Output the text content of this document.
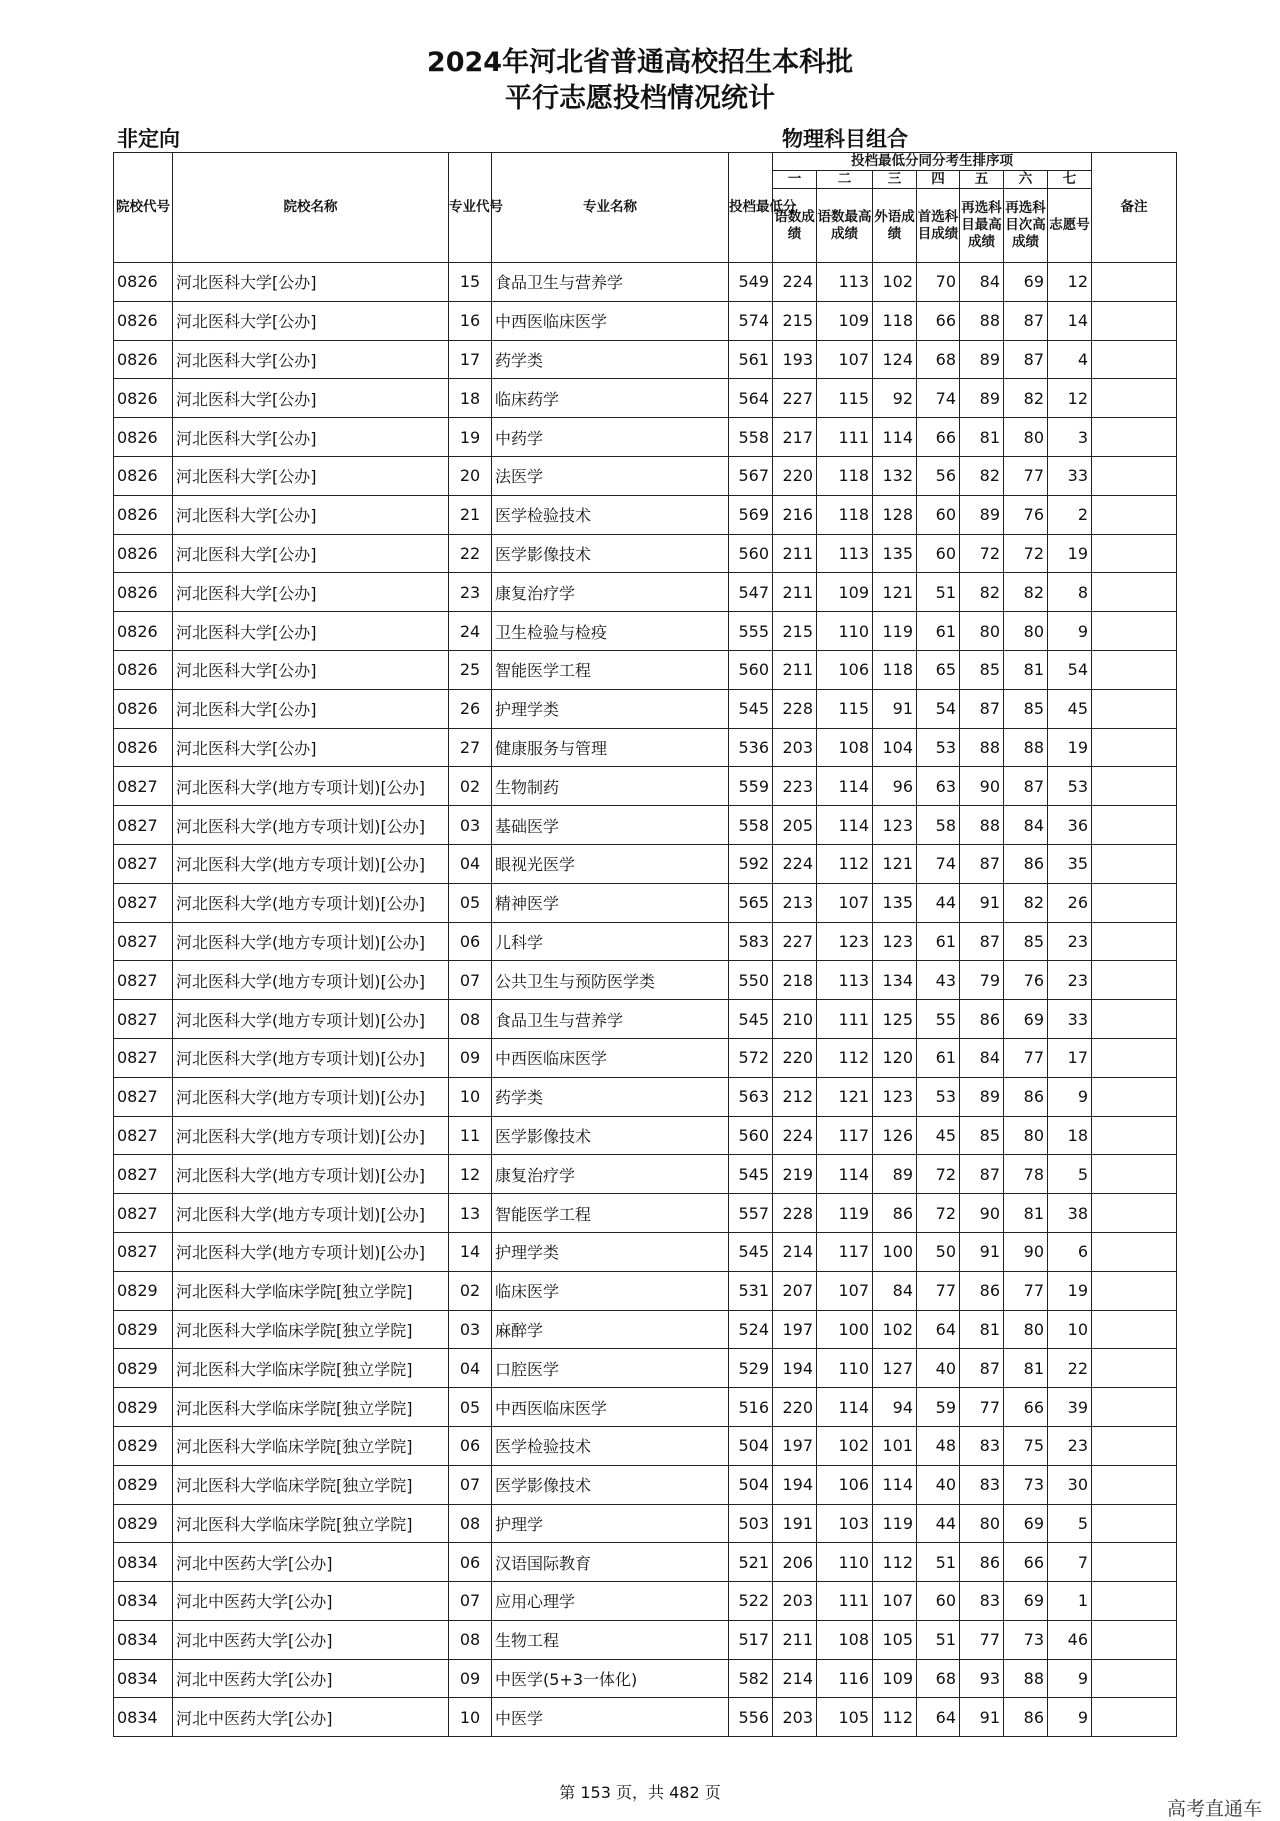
2024年河北省普通高校招生本科批
平行志愿投档情况统计
非定向	物理科目组合
院校代号	院校名称	专业代号	专业名称	投档最低分	投档最低分同分考生排序项							备注
					一	二	三	四	五	六	七	
					语数成绩	语数最高成绩	外语成绩	首选科目成绩	再选科目最高成绩	再选科目次高成绩	志愿号	
0826	河北医科大学[公办]	15	食品卫生与营养学	549	224	113	102	70	84	69	12	
0826	河北医科大学[公办]	16	中西医临床医学	574	215	109	118	66	88	87	14	
0826	河北医科大学[公办]	17	药学类	561	193	107	124	68	89	87	4	
0826	河北医科大学[公办]	18	临床药学	564	227	115	92	74	89	82	12	
0826	河北医科大学[公办]	19	中药学	558	217	111	114	66	81	80	3	
0826	河北医科大学[公办]	20	法医学	567	220	118	132	56	82	77	33	
0826	河北医科大学[公办]	21	医学检验技术	569	216	118	128	60	89	76	2	
0826	河北医科大学[公办]	22	医学影像技术	560	211	113	135	60	72	72	19	
0826	河北医科大学[公办]	23	康复治疗学	547	211	109	121	51	82	82	8	
0826	河北医科大学[公办]	24	卫生检验与检疫	555	215	110	119	61	80	80	9	
0826	河北医科大学[公办]	25	智能医学工程	560	211	106	118	65	85	81	54	
0826	河北医科大学[公办]	26	护理学类	545	228	115	91	54	87	85	45	
0826	河北医科大学[公办]	27	健康服务与管理	536	203	108	104	53	88	88	19	
0827	河北医科大学(地方专项计划)[公办]	02	生物制药	559	223	114	96	63	90	87	53	
0827	河北医科大学(地方专项计划)[公办]	03	基础医学	558	205	114	123	58	88	84	36	
0827	河北医科大学(地方专项计划)[公办]	04	眼视光医学	592	224	112	121	74	87	86	35	
0827	河北医科大学(地方专项计划)[公办]	05	精神医学	565	213	107	135	44	91	82	26	
0827	河北医科大学(地方专项计划)[公办]	06	儿科学	583	227	123	123	61	87	85	23	
0827	河北医科大学(地方专项计划)[公办]	07	公共卫生与预防医学类	550	218	113	134	43	79	76	23	
0827	河北医科大学(地方专项计划)[公办]	08	食品卫生与营养学	545	210	111	125	55	86	69	33	
0827	河北医科大学(地方专项计划)[公办]	09	中西医临床医学	572	220	112	120	61	84	77	17	
0827	河北医科大学(地方专项计划)[公办]	10	药学类	563	212	121	123	53	89	86	9	
0827	河北医科大学(地方专项计划)[公办]	11	医学影像技术	560	224	117	126	45	85	80	18	
0827	河北医科大学(地方专项计划)[公办]	12	康复治疗学	545	219	114	89	72	87	78	5	
0827	河北医科大学(地方专项计划)[公办]	13	智能医学工程	557	228	119	86	72	90	81	38	
0827	河北医科大学(地方专项计划)[公办]	14	护理学类	545	214	117	100	50	91	90	6	
0829	河北医科大学临床学院[独立学院]	02	临床医学	531	207	107	84	77	86	77	19	
0829	河北医科大学临床学院[独立学院]	03	麻醉学	524	197	100	102	64	81	80	10	
0829	河北医科大学临床学院[独立学院]	04	口腔医学	529	194	110	127	40	87	81	22	
0829	河北医科大学临床学院[独立学院]	05	中西医临床医学	516	220	114	94	59	77	66	39	
0829	河北医科大学临床学院[独立学院]	06	医学检验技术	504	197	102	101	48	83	75	23	
0829	河北医科大学临床学院[独立学院]	07	医学影像技术	504	194	106	114	40	83	73	30	
0829	河北医科大学临床学院[独立学院]	08	护理学	503	191	103	119	44	80	69	5	
0834	河北中医药大学[公办]	06	汉语国际教育	521	206	110	112	51	86	66	7	
0834	河北中医药大学[公办]	07	应用心理学	522	203	111	107	60	83	69	1	
0834	河北中医药大学[公办]	08	生物工程	517	211	108	105	51	77	73	46	
0834	河北中医药大学[公办]	09	中医学(5+3一体化)	582	214	116	109	68	93	88	9	
0834	河北中医药大学[公办]	10	中医学	556	203	105	112	64	91	86	9	
第 153 页，共 482 页
高考直通车
